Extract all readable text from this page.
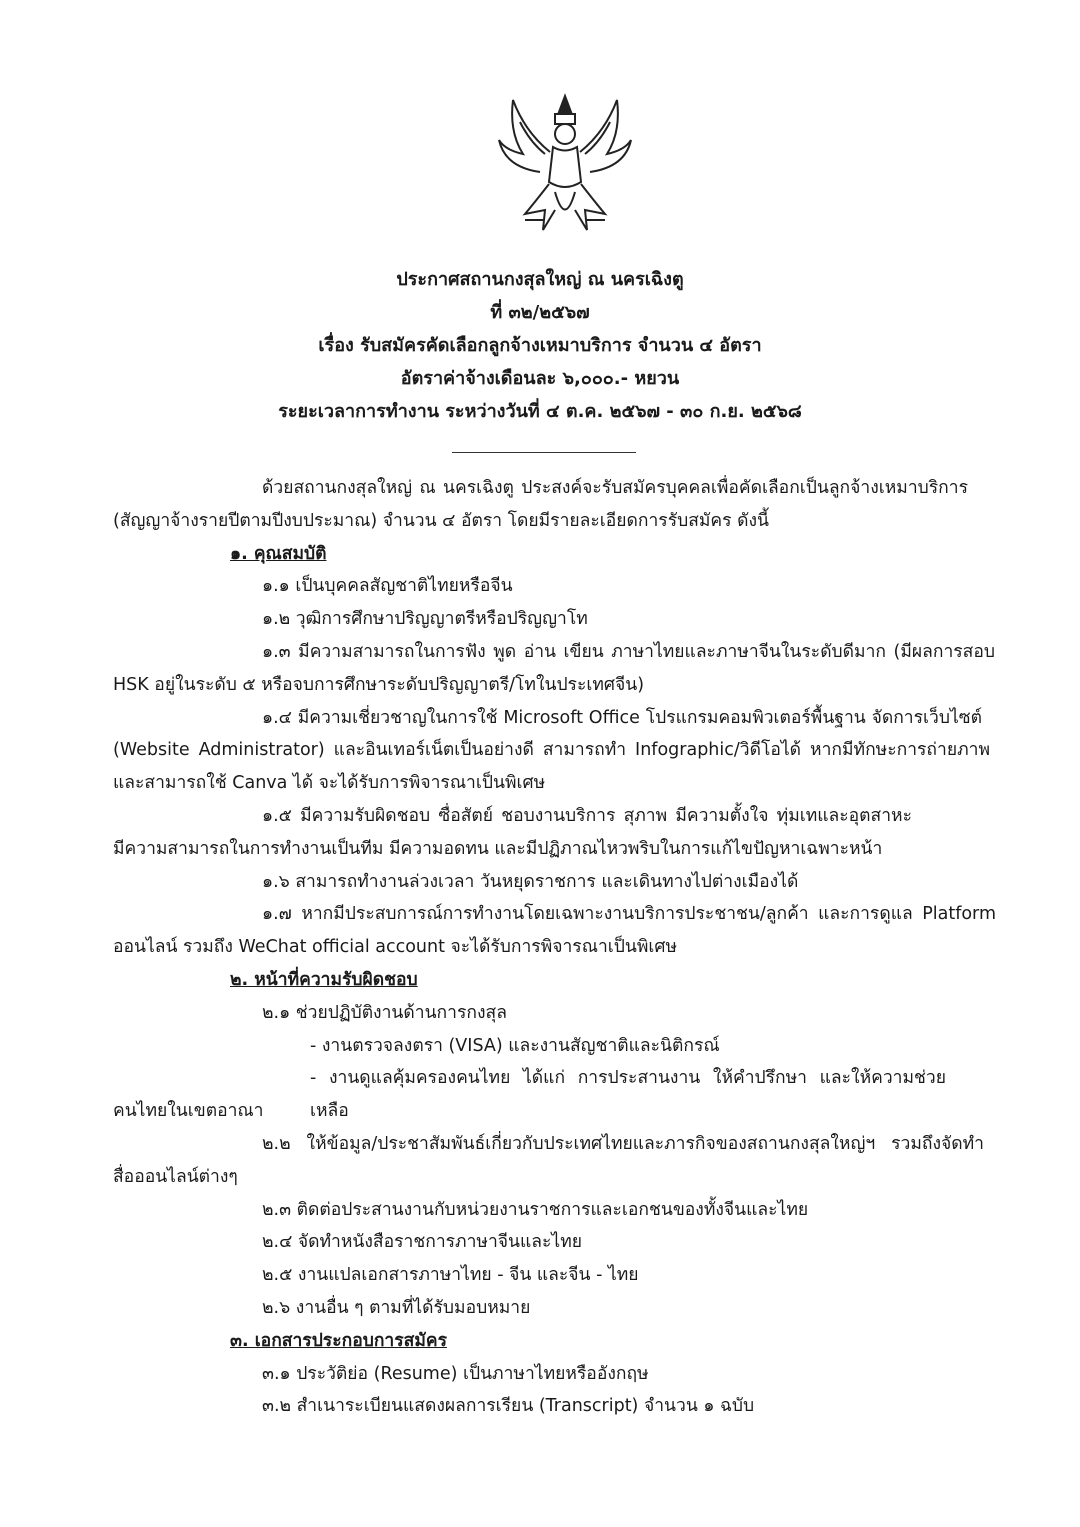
ประกาศสถานกงสุลใหญ่ ณ นครเฉิงตู
ที่ ๓๒/๒๕๖๗
เรื่อง รับสมัครคัดเลือกลูกจ้างเหมาบริการ จำนวน ๔ อัตรา
อัตราค่าจ้างเดือนละ ๖,๐๐๐.- หยวน
ระยะเวลาการทำงาน ระหว่างวันที่ ๔ ต.ค. ๒๕๖๗ - ๓๐ ก.ย. ๒๕๖๘
ด้วยสถานกงสุลใหญ่ ณ นครเฉิงตู ประสงค์จะรับสมัครบุคคลเพื่อคัดเลือกเป็นลูกจ้างเหมาบริการ
(สัญญาจ้างรายปีตามปีงบประมาณ) จำนวน ๔ อัตรา โดยมีรายละเอียดการรับสมัคร ดังนี้
๑. คุณสมบัติ
๑.๑ เป็นบุคคลสัญชาติไทยหรือจีน
๑.๒ วุฒิการศึกษาปริญญาตรีหรือปริญญาโท
๑.๓ มีความสามารถในการฟัง พูด อ่าน เขียน ภาษาไทยและภาษาจีนในระดับดีมาก (มีผลการสอบ
HSK อยู่ในระดับ ๕ หรือจบการศึกษาระดับปริญญาตรี/โทในประเทศจีน)
๑.๔ มีความเชี่ยวชาญในการใช้ Microsoft Office โปรแกรมคอมพิวเตอร์พื้นฐาน จัดการเว็บไซต์
(Website Administrator) และอินเทอร์เน็ตเป็นอย่างดี สามารถทำ Infographic/วิดีโอได้ หากมีทักษะการถ่ายภาพ
และสามารถใช้ Canva ได้ จะได้รับการพิจารณาเป็นพิเศษ
๑.๕ มีความรับผิดชอบ ซื่อสัตย์ ชอบงานบริการ สุภาพ มีความตั้งใจ ทุ่มเทและอุตสาหะ
มีความสามารถในการทำงานเป็นทีม มีความอดทน และมีปฏิภาณไหวพริบในการแก้ไขปัญหาเฉพาะหน้า
๑.๖ สามารถทำงานล่วงเวลา วันหยุดราชการ และเดินทางไปต่างเมืองได้
๑.๗ หากมีประสบการณ์การทำงานโดยเฉพาะงานบริการประชาชน/ลูกค้า และการดูแล Platform
ออนไลน์ รวมถึง WeChat official account จะได้รับการพิจารณาเป็นพิเศษ
๒. หน้าที่ความรับผิดชอบ
๒.๑ ช่วยปฏิบัติงานด้านการกงสุล
- งานตรวจลงตรา (VISA) และงานสัญชาติและนิติกรณ์
- งานดูแลคุ้มครองคนไทย ได้แก่ การประสานงาน ให้คำปรึกษา และให้ความช่วยเหลือ
คนไทยในเขตอาณา
๒.๒ ให้ข้อมูล/ประชาสัมพันธ์เกี่ยวกับประเทศไทยและภารกิจของสถานกงสุลใหญ่ฯ รวมถึงจัดทำ
สื่อออนไลน์ต่างๆ
๒.๓ ติดต่อประสานงานกับหน่วยงานราชการและเอกชนของทั้งจีนและไทย
๒.๔ จัดทำหนังสือราชการภาษาจีนและไทย
๒.๕ งานแปลเอกสารภาษาไทย - จีน และจีน - ไทย
๒.๖ งานอื่น ๆ ตามที่ได้รับมอบหมาย
๓. เอกสารประกอบการสมัคร
๓.๑ ประวัติย่อ (Resume) เป็นภาษาไทยหรืออังกฤษ
๓.๒ สำเนาระเบียนแสดงผลการเรียน (Transcript) จำนวน ๑ ฉบับ
